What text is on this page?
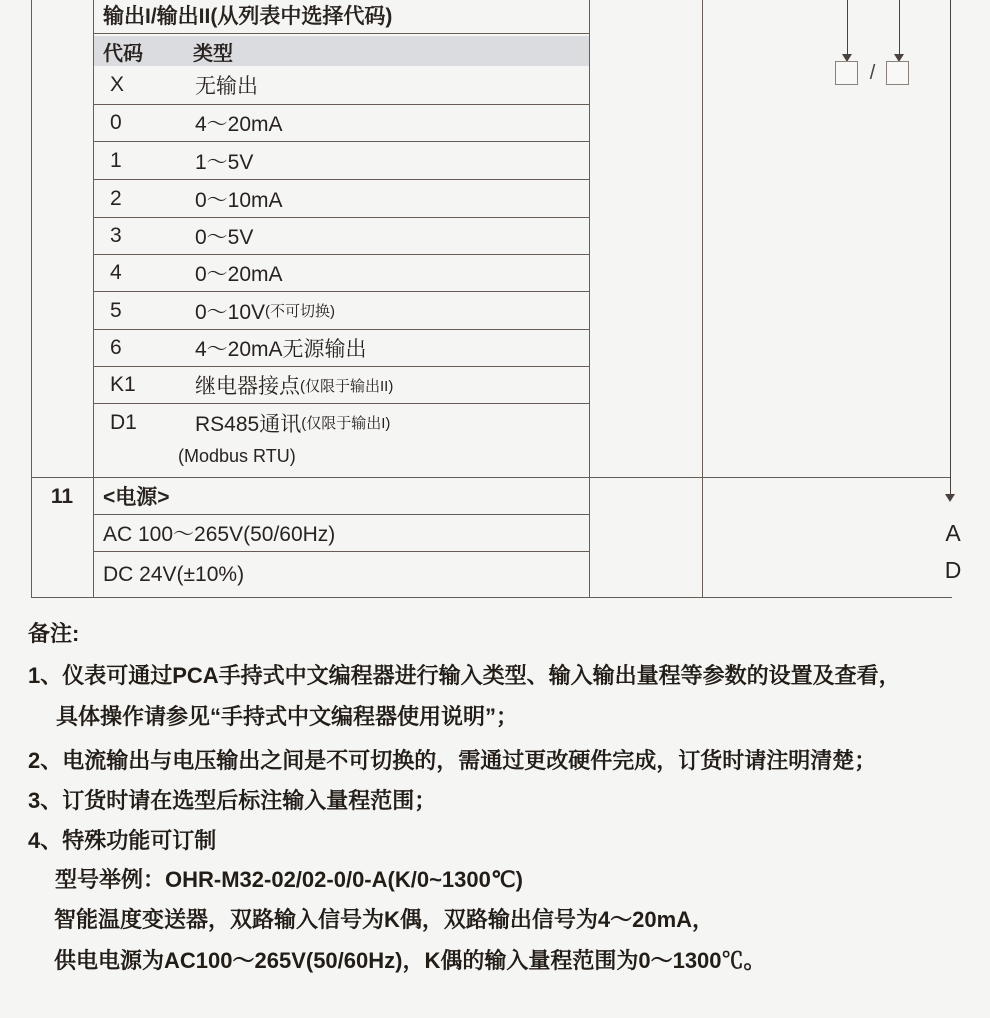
输出I/输出II(从列表中选择代码)
代码	类型
X	无输出
0	4～20mA
1	1～5V
2	0～10mA
3	0～5V
4	0～20mA
5	0～10V (不可切换)
6	4～20mA无源输出
K1	继电器接点 (仅限于输出II)
D1	RS485通讯 (仅限于输出I)
(Modbus RTU)
11	<电源>
AC 100～265V(50/60Hz)
DC 24V(±10%)
A
D
/
备注:
1、仪表可通过PCA手持式中文编程器进行输入类型、输入输出量程等参数的设置及查看，
具体操作请参见“手持式中文编程器使用说明”；
2、电流输出与电压输出之间是不可切换的，需通过更改硬件完成，订货时请注明清楚；
3、订货时请在选型后标注输入量程范围；
4、特殊功能可订制
型号举例：OHR-M32-02/02-0/0-A(K/0~1300℃)
智能温度变送器，双路输入信号为K偶，双路输出信号为4～20mA，
供电电源为AC100～265V(50/60Hz)，K偶的输入量程范围为0～1300℃。
